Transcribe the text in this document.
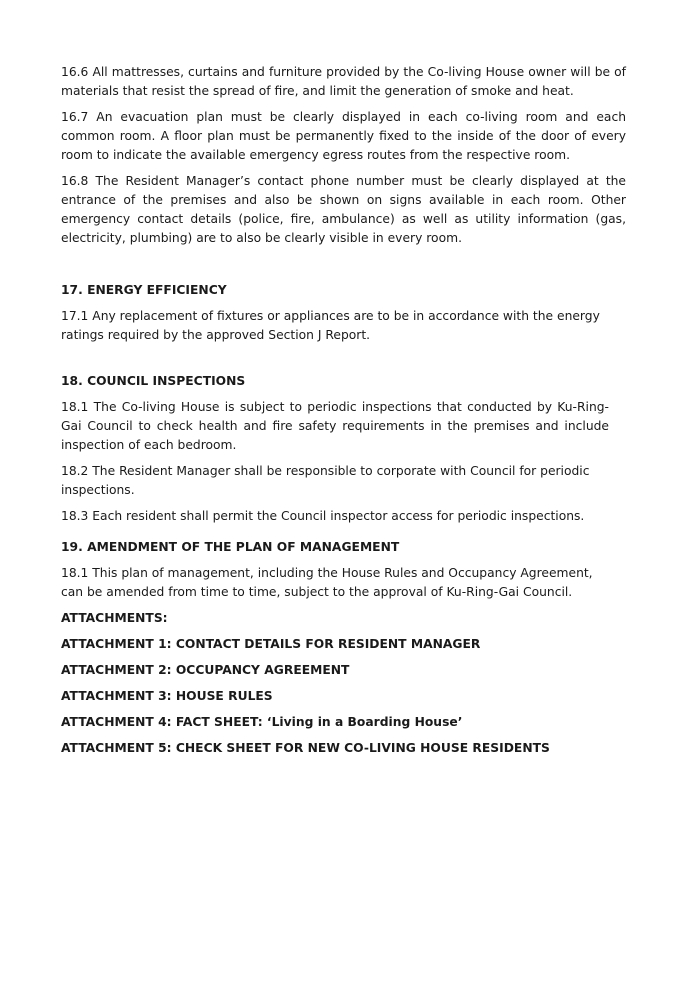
16.6 All mattresses, curtains and furniture provided by the Co-living House owner will be of materials that resist the spread of fire, and limit the generation of smoke and heat.

16.7 An evacuation plan must be clearly displayed in each co-living room and each common room. A floor plan must be permanently fixed to the inside of the door of every room to indicate the available emergency egress routes from the respective room.

16.8 The Resident Manager’s contact phone number must be clearly displayed at the entrance of the premises and also be shown on signs available in each room. Other emergency contact details (police, fire, ambulance) as well as utility information (gas, electricity, plumbing) are to also be clearly visible in every room.

17. ENERGY EFFICIENCY

17.1 Any replacement of fixtures or appliances are to be in accordance with the energy ratings required by the approved Section J Report.

18. COUNCIL INSPECTIONS

18.1 The Co-living House is subject to periodic inspections that conducted by Ku-Ring-Gai Council to check health and fire safety requirements in the premises and include inspection of each bedroom.

18.2 The Resident Manager shall be responsible to corporate with Council for periodic inspections.

18.3 Each resident shall permit the Council inspector access for periodic inspections.

19. AMENDMENT OF THE PLAN OF MANAGEMENT

18.1 This plan of management, including the House Rules and Occupancy Agreement, can be amended from time to time, subject to the approval of Ku-Ring-Gai Council.

ATTACHMENTS:
ATTACHMENT 1: CONTACT DETAILS FOR RESIDENT MANAGER
ATTACHMENT 2: OCCUPANCY AGREEMENT
ATTACHMENT 3: HOUSE RULES
ATTACHMENT 4: FACT SHEET: ‘Living in a Boarding House’
ATTACHMENT 5: CHECK SHEET FOR NEW CO-LIVING HOUSE RESIDENTS
